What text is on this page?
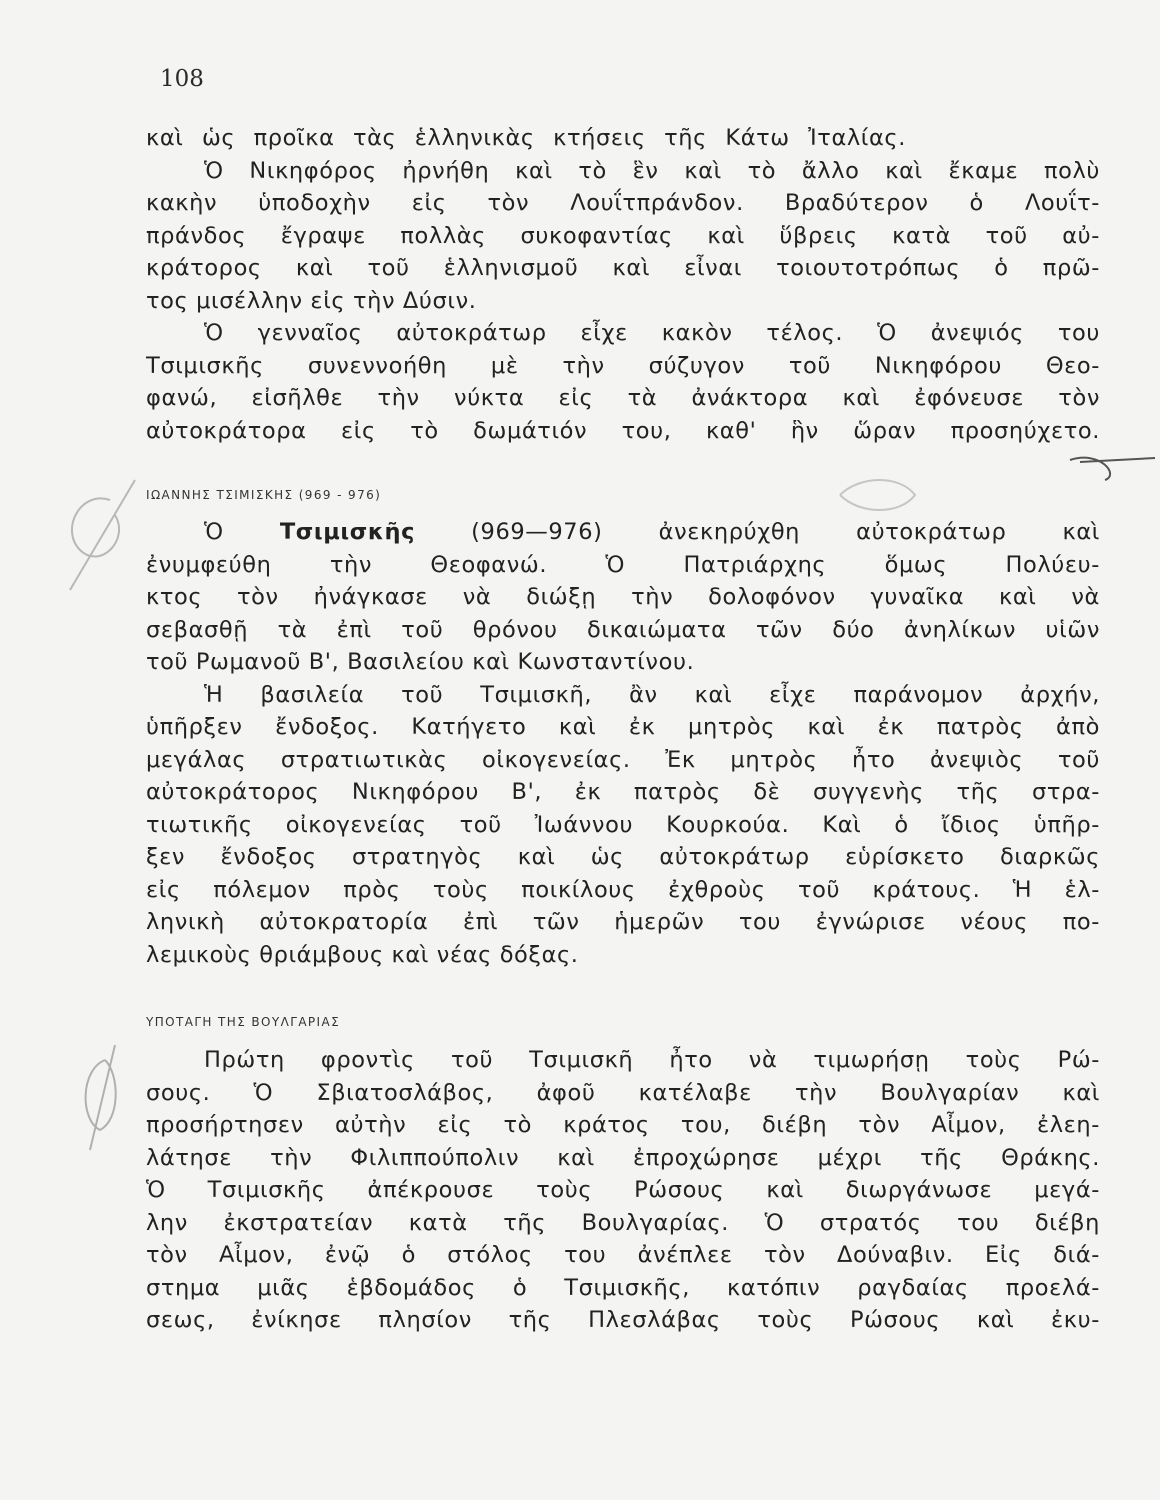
108
καὶ ὡς προῖκα τὰς ἑλληνικὰς κτήσεις τῆς Κάτω Ἰταλίας.
Ὁ Νικηφόρος ἠρνήθη καὶ τὸ ἓν καὶ τὸ ἄλλο καὶ ἔκαμε πολὺ
κακὴν ὑποδοχὴν εἰς τὸν Λουΐτπράνδον. Βραδύτερον ὁ Λουΐτ-
πράνδος ἔγραψε πολλὰς συκοφαντίας καὶ ὕβρεις κατὰ τοῦ αὐ-
κράτορος καὶ τοῦ ἑλληνισμοῦ καὶ εἶναι τοιουτοτρόπως ὁ πρῶ-
τος μισέλλην εἰς τὴν Δύσιν.
Ὁ γενναῖος αὐτοκράτωρ εἶχε κακὸν τέλος. Ὁ ἀνεψιός του
Τσιμισκῆς συνεννοήθη μὲ τὴν σύζυγον τοῦ Νικηφόρου Θεο-
φανώ, εἰσῆλθε τὴν νύκτα εἰς τὰ ἀνάκτορα καὶ ἐφόνευσε τὸν
αὐτοκράτορα εἰς τὸ δωμάτιόν του, καθ' ἣν ὥραν προσηύχετο.
ΙΩΑΝΝΗΣ ΤΣΙΜΙΣΚΗΣ (969 - 976)
Ὁ Τσιμισκῆς (969—976) ἀνεκηρύχθη αὐτοκράτωρ καὶ
ἐνυμφεύθη τὴν Θεοφανώ. Ὁ Πατριάρχης ὅμως Πολύευ-
κτος τὸν ἠνάγκασε νὰ διώξῃ τὴν δολοφόνον γυναῖκα καὶ νὰ
σεβασθῇ τὰ ἐπὶ τοῦ θρόνου δικαιώματα τῶν δύο ἀνηλίκων υἱῶν
τοῦ Ρωμανοῦ Β', Βασιλείου καὶ Κωνσταντίνου.
Ἡ βασιλεία τοῦ Τσιμισκῆ, ἂν καὶ εἶχε παράνομον ἀρχήν,
ὑπῆρξεν ἔνδοξος. Κατήγετο καὶ ἐκ μητρὸς καὶ ἐκ πατρὸς ἀπὸ
μεγάλας στρατιωτικὰς οἰκογενείας. Ἐκ μητρὸς ἦτο ἀνεψιὸς τοῦ
αὐτοκράτορος Νικηφόρου Β', ἐκ πατρὸς δὲ συγγενὴς τῆς στρα-
τιωτικῆς οἰκογενείας τοῦ Ἰωάννου Κουρκούα. Καὶ ὁ ἴδιος ὑπῆρ-
ξεν ἔνδοξος στρατηγὸς καὶ ὡς αὐτοκράτωρ εὑρίσκετο διαρκῶς
εἰς πόλεμον πρὸς τοὺς ποικίλους ἐχθροὺς τοῦ κράτους. Ἡ ἑλ-
ληνικὴ αὐτοκρατορία ἐπὶ τῶν ἡμερῶν του ἐγνώρισε νέους πο-
λεμικοὺς θριάμβους καὶ νέας δόξας.
ΥΠΟΤΑΓΗ ΤΗΣ ΒΟΥΛΓΑΡΙΑΣ
Πρώτη φροντὶς τοῦ Τσιμισκῆ ἦτο νὰ τιμωρήσῃ τοὺς Ρώ-
σους. Ὁ Σβιατοσλάβος, ἀφοῦ κατέλαβε τὴν Βουλγαρίαν καὶ
προσήρτησεν αὐτὴν εἰς τὸ κράτος του, διέβη τὸν Αἶμον, ἐλεη-
λάτησε τὴν Φιλιππούπολιν καὶ ἐπροχώρησε μέχρι τῆς Θράκης.
Ὁ Τσιμισκῆς ἀπέκρουσε τοὺς Ρώσους καὶ διωργάνωσε μεγά-
λην ἐκστρατείαν κατὰ τῆς Βουλγαρίας. Ὁ στρατός του διέβη
τὸν Αἶμον, ἐνῷ ὁ στόλος του ἀνέπλεε τὸν Δούναβιν. Εἰς διά-
στημα μιᾶς ἑβδομάδος ὁ Τσιμισκῆς, κατόπιν ραγδαίας προελά-
σεως, ἐνίκησε πλησίον τῆς Πλεσλάβας τοὺς Ρώσους καὶ ἐκυ-
